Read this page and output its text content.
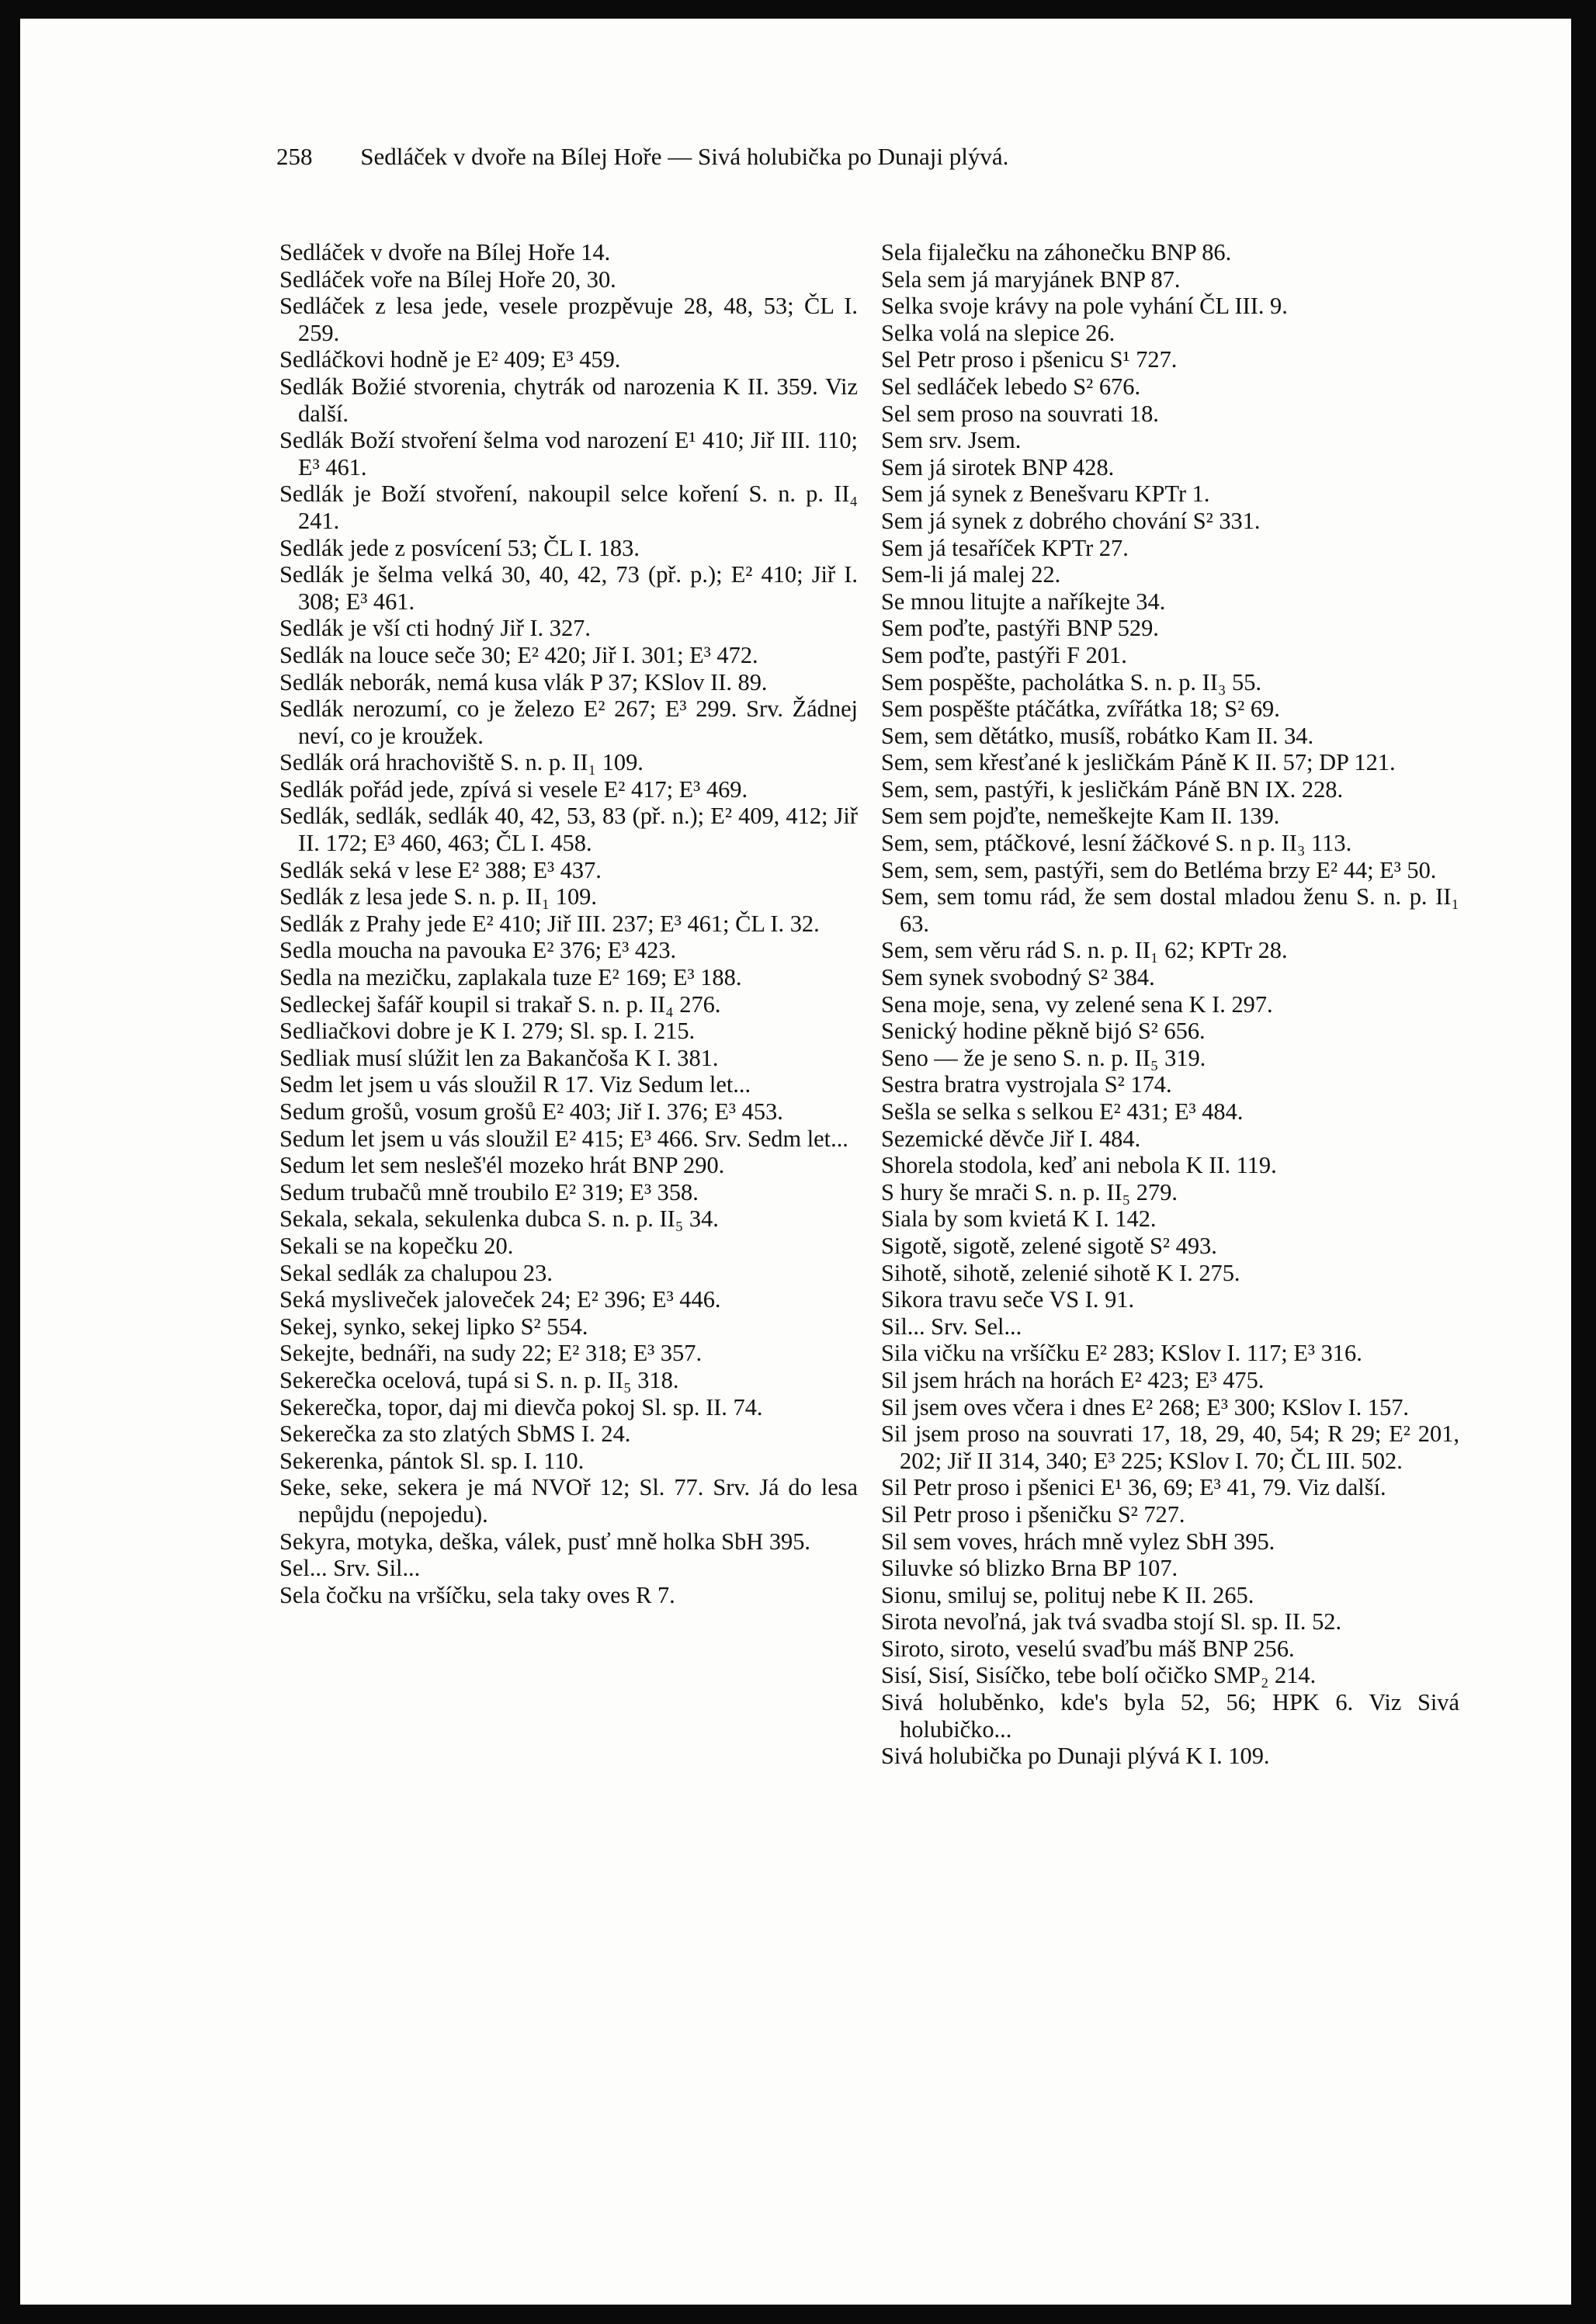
258 Sedláček v dvoře na Bílej Hoře — Sivá holubička po Dunaji plývá.

Sedláček v dvoře na Bílej Hoře 14.

Sedláček voře na Bílej Hoře 20, 30.

Sedláček z lesa jede, vesele prozpěvuje 28, 48, 53; ČL I. 259.

Sedláčkovi hodně je E² 409; E³ 459.

Sedlák Božié stvorenia, chytrák od narozenia K II. 359. Viz další.

Sedlák Boží stvoření šelma vod narození E¹ 410; Jiř III. 110; E³ 461.

Sedlák je Boží stvoření, nakoupil selce koření S. n. p. II₄ 241.

Sedlák jede z posvícení 53; ČL I. 183.

Sedlák je šelma velká 30, 40, 42, 73 (př. p.); E² 410; Jiř I. 308; E³ 461.

Sedlák je vší cti hodný Jiř I. 327.

Sedlák na louce seče 30; E² 420; Jiř I. 301; E³ 472.

Sedlák neborák, nemá kusa vlák P 37; KSlov II. 89.

Sedlák nerozumí, co je železo E² 267; E³ 299. Srv. Žádnej neví, co je kroužek.

Sedlák orá hrachoviště S. n. p. II₁ 109.

Sedlák pořád jede, zpívá si vesele E² 417; E³ 469.

Sedlák, sedlák, sedlák 40, 42, 53, 83 (př. n.); E² 409, 412; Jiř II. 172; E³ 460, 463; ČL I. 458.

Sedlák seká v lese E² 388; E³ 437.

Sedlák z lesa jede S. n. p. II₁ 109.

Sedlák z Prahy jede E² 410; Jiř III. 237; E³ 461; ČL I. 32.

Sedla moucha na pavouka E² 376; E³ 423.

Sedla na mezičku, zaplakala tuze E² 169; E³ 188.

Sedleckej šafář koupil si trakař S. n. p. II₄ 276.

Sedliačkovi dobre je K I. 279; Sl. sp. I. 215.

Sedliak musí slúžit len za Bakančoša K I. 381.

Sedm let jsem u vás sloužil R 17. Viz Sedum let...

Sedum grošů, vosum grošů E² 403; Jiř I. 376; E³ 453.

Sedum let jsem u vás sloužil E² 415; E³ 466. Srv. Sedm let...

Sedum let sem nesleš'él mozeko hrát BNP 290.

Sedum trubačů mně troubilo E² 319; E³ 358.

Sekala, sekala, sekulenka dubca S. n. p. II₅ 34.

Sekali se na kopečku 20.

Sekal sedlák za chalupou 23.

Seká mysliveček jaloveček 24; E² 396; E³ 446.

Sekej, synko, sekej lipko S² 554.

Sekejte, bednáři, na sudy 22; E² 318; E³ 357.

Sekerečka ocelová, tupá si S. n. p. II₅ 318.

Sekerečka, topor, daj mi dievča pokoj Sl. sp. II. 74.

Sekerečka za sto zlatých SbMS I. 24.

Sekerenka, pántok Sl. sp. I. 110.

Seke, seke, sekera je má NVOř 12; Sl. 77. Srv. Já do lesa nepůjdu (nepojedu).

Sekyra, motyka, deška, válek, pusť mně holka SbH 395.

Sel... Srv. Sil...

Sela čočku na vršíčku, sela taky oves R 7.

Sela fijalečku na záhonečku BNP 86.

Sela sem já maryjánek BNP 87.

Selka svoje krávy na pole vyhání ČL III. 9.

Selka volá na slepice 26.

Sel Petr proso i pšenicu S¹ 727.

Sel sedláček lebedo S² 676.

Sel sem proso na souvrati 18.

Sem srv. Jsem.

Sem já sirotek BNP 428.

Sem já synek z Benešvaru KPTr 1.

Sem já synek z dobrého chování S² 331.

Sem já tesaříček KPTr 27.

Sem-li já malej 22.

Se mnou litujte a naříkejte 34.

Sem poďte, pastýři BNP 529.

Sem poďte, pastýři F 201.

Sem pospěšte, pacholátka S. n. p. II₃ 55.

Sem pospěšte ptáčátka, zvířátka 18; S² 69.

Sem, sem dětátko, musíš, robátko Kam II. 34.

Sem, sem křesťané k jesličkám Páně K II. 57; DP 121.

Sem, sem, pastýři, k jesličkám Páně BN IX. 228.

Sem sem pojďte, nemeškejte Kam II. 139.

Sem, sem, ptáčkové, lesní žáčkové S. n p. II₃ 113.

Sem, sem, sem, pastýři, sem do Betléma brzy E² 44; E³ 50.

Sem, sem tomu rád, že sem dostal mladou ženu S. n. p. II₁ 63.

Sem, sem věru rád S. n. p. II₁ 62; KPTr 28.

Sem synek svobodný S² 384.

Sena moje, sena, vy zelené sena K I. 297.

Senický hodine pěkně bijó S² 656.

Seno — že je seno S. n. p. II₅ 319.

Sestra bratra vystrojala S² 174.

Sešla se selka s selkou E² 431; E³ 484.

Sezemické děvče Jiř I. 484.

Shorela stodola, keď ani nebola K II. 119.

S hury še mrači S. n. p. II₅ 279.

Siala by som kvietá K I. 142.

Sigotě, sigotě, zelené sigotě S² 493.

Sihotě, sihotě, zelenié sihotě K I. 275.

Sikora travu seče VS I. 91.

Sil... Srv. Sel...

Sila vičku na vršíčku E² 283; KSlov I. 117; E³ 316.

Sil jsem hrách na horách E² 423; E³ 475.

Sil jsem oves včera i dnes E² 268; E³ 300; KSlov I. 157.

Sil jsem proso na souvrati 17, 18, 29, 40, 54; R 29; E² 201, 202; Jiř II 314, 340; E³ 225; KSlov I. 70; ČL III. 502.

Sil Petr proso i pšenici E¹ 36, 69; E³ 41, 79. Viz další.

Sil Petr proso i pšeničku S² 727.

Sil sem voves, hrách mně vylez SbH 395.

Siluvke só blizko Brna BP 107.

Sionu, smiluj se, polituj nebe K II. 265.

Sirota nevoľná, jak tvá svadba stojí Sl. sp. II. 52.

Siroto, siroto, veselú svaďbu máš BNP 256.

Sisí, Sisí, Sisíčko, tebe bolí očičko SMP₂ 214.

Sivá holuběnko, kde's byla 52, 56; HPK 6. Viz Sivá holubičko...

Sivá holubička po Dunaji plývá K I. 109.
